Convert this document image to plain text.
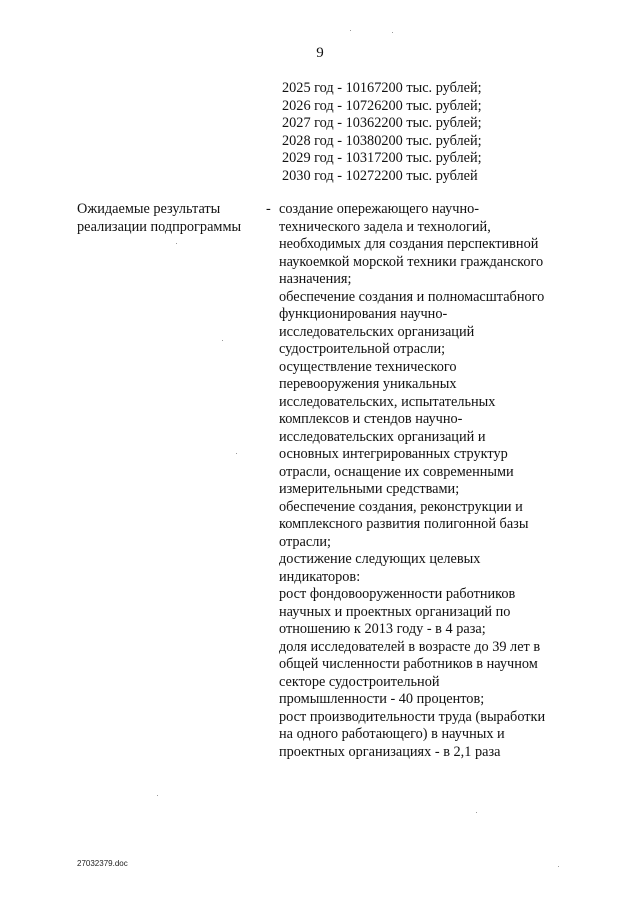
9
2025 год - 10167200 тыс. рублей;
2026 год - 10726200 тыс. рублей;
2027 год - 10362200 тыс. рублей;
2028 год - 10380200 тыс. рублей;
2029 год - 10317200 тыс. рублей;
2030 год - 10272200 тыс. рублей
Ожидаемые результаты
реализации подпрограммы
- создание опережающего научно-
технического задела и технологий,
необходимых для создания перспективной
наукоемкой морской техники гражданского
назначения;
обеспечение создания и полномасштабного
функционирования научно-
исследовательских организаций
судостроительной отрасли;
осуществление технического
перевооружения уникальных
исследовательских, испытательных
комплексов и стендов научно-
исследовательских организаций и
основных интегрированных структур
отрасли, оснащение их современными
измерительными средствами;
обеспечение создания, реконструкции и
комплексного развития полигонной базы
отрасли;
достижение следующих целевых
индикаторов:
рост фондовооруженности работников
научных и проектных организаций по
отношению к 2013 году - в 4 раза;
доля исследователей в возрасте до 39 лет в
общей численности работников в научном
секторе судостроительной
промышленности - 40 процентов;
рост производительности труда (выработки
на одного работающего) в научных и
проектных организациях - в 2,1 раза
27032379.doc
